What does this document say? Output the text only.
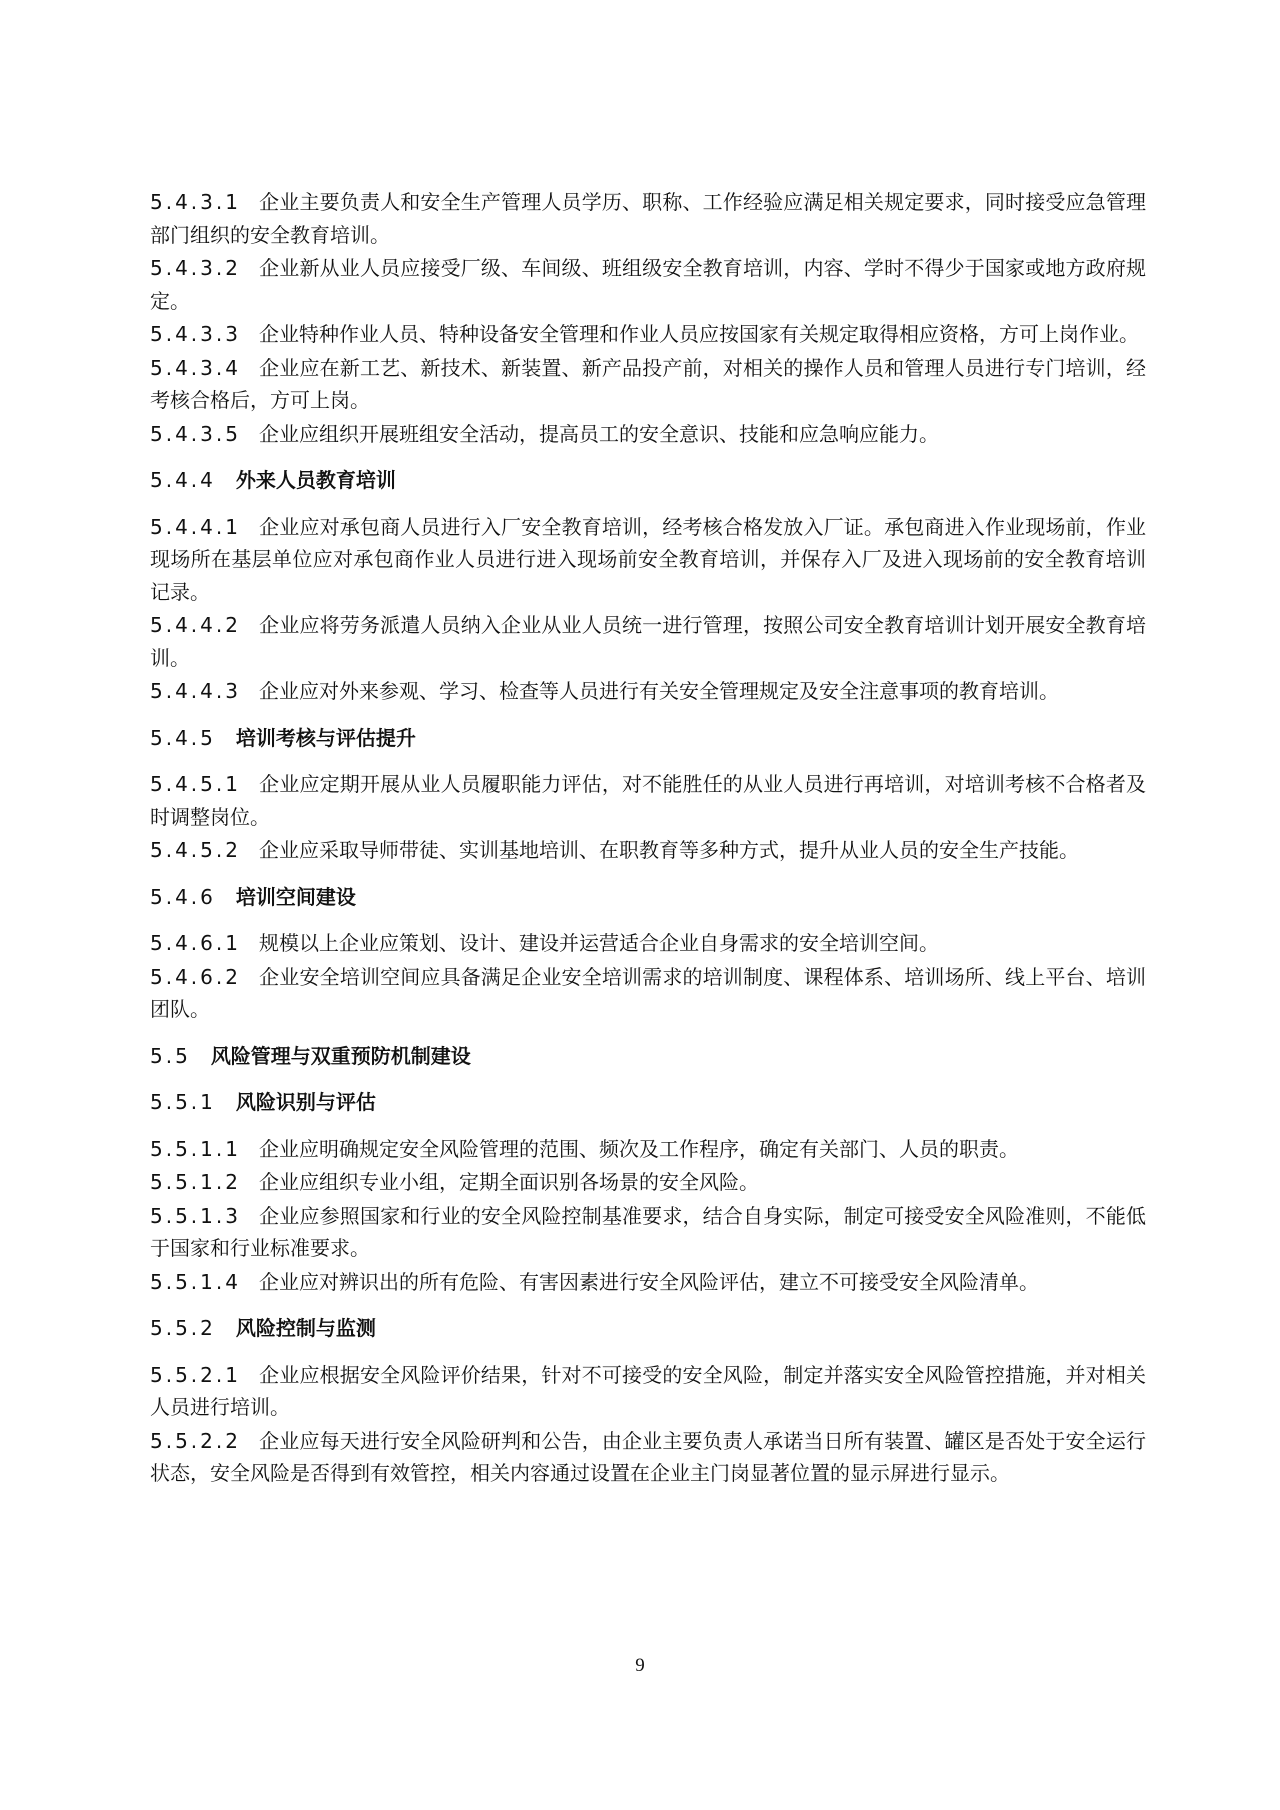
5.4.3.1 企业主要负责人和安全生产管理人员学历、职称、工作经验应满足相关规定要求，同时接受应急管理部门组织的安全教育培训。
5.4.3.2 企业新从业人员应接受厂级、车间级、班组级安全教育培训，内容、学时不得少于国家或地方政府规定。
5.4.3.3 企业特种作业人员、特种设备安全管理和作业人员应按国家有关规定取得相应资格，方可上岗作业。
5.4.3.4 企业应在新工艺、新技术、新装置、新产品投产前，对相关的操作人员和管理人员进行专门培训，经考核合格后，方可上岗。
5.4.3.5 企业应组织开展班组安全活动，提高员工的安全意识、技能和应急响应能力。
5.4.4 外来人员教育培训
5.4.4.1 企业应对承包商人员进行入厂安全教育培训，经考核合格发放入厂证。承包商进入作业现场前，作业现场所在基层单位应对承包商作业人员进行进入现场前安全教育培训，并保存入厂及进入现场前的安全教育培训记录。
5.4.4.2 企业应将劳务派遣人员纳入企业从业人员统一进行管理，按照公司安全教育培训计划开展安全教育培训。
5.4.4.3 企业应对外来参观、学习、检查等人员进行有关安全管理规定及安全注意事项的教育培训。
5.4.5 培训考核与评估提升
5.4.5.1 企业应定期开展从业人员履职能力评估，对不能胜任的从业人员进行再培训，对培训考核不合格者及时调整岗位。
5.4.5.2 企业应采取导师带徒、实训基地培训、在职教育等多种方式，提升从业人员的安全生产技能。
5.4.6 培训空间建设
5.4.6.1 规模以上企业应策划、设计、建设并运营适合企业自身需求的安全培训空间。
5.4.6.2 企业安全培训空间应具备满足企业安全培训需求的培训制度、课程体系、培训场所、线上平台、培训团队。
5.5 风险管理与双重预防机制建设
5.5.1 风险识别与评估
5.5.1.1 企业应明确规定安全风险管理的范围、频次及工作程序，确定有关部门、人员的职责。
5.5.1.2 企业应组织专业小组，定期全面识别各场景的安全风险。
5.5.1.3 企业应参照国家和行业的安全风险控制基准要求，结合自身实际，制定可接受安全风险准则，不能低于国家和行业标准要求。
5.5.1.4 企业应对辨识出的所有危险、有害因素进行安全风险评估，建立不可接受安全风险清单。
5.5.2 风险控制与监测
5.5.2.1 企业应根据安全风险评价结果，针对不可接受的安全风险，制定并落实安全风险管控措施，并对相关人员进行培训。
5.5.2.2 企业应每天进行安全风险研判和公告，由企业主要负责人承诺当日所有装置、罐区是否处于安全运行状态，安全风险是否得到有效管控，相关内容通过设置在企业主门岗显著位置的显示屏进行显示。
9
